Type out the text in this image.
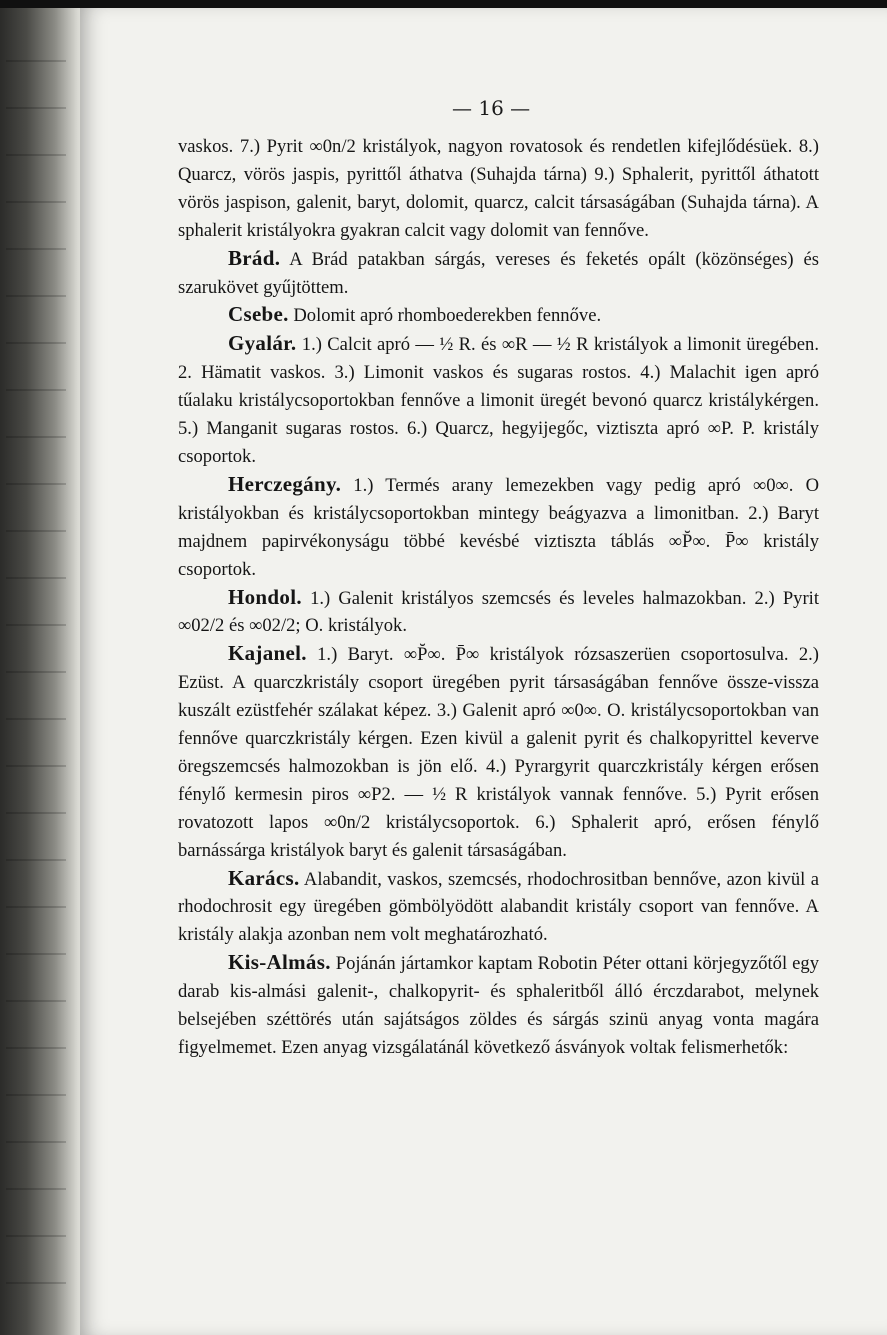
— 16 —

vaskos. 7.) Pyrit ∞0n/2 kristályok, nagyon rovatosok és rendetlen kifejlődésüek. 8.) Quarcz, vörös jaspis, pyrittől áthatva (Suhajda tárna) 9.) Sphalerit, pyrittől áthatott vörös jaspison, galenit, baryt, dolomit, quarcz, calcit társaságában (Suhajda tárna). A sphalerit kristályokra gyakran calcit vagy dolomit van fennőve.

Brád. A Brád patakban sárgás, vereses és feketés opált (közönséges) és szarukövet gyűjtöttem.

Csebe. Dolomit apró rhomboederekben fennőve.

Gyalár. 1.) Calcit apró — ½ R. és ∞R — ½ R kristályok a limonit üregében. 2. Hämatit vaskos. 3.) Limonit vaskos és sugaras rostos. 4.) Malachit igen apró tűalaku kristálycsoportokban fennőve a limonit üregét bevonó quarcz kristálykérgen. 5.) Manganit sugaras rostos. 6.) Quarcz, hegyijegőc, viztiszta apró ∞P. P. kristály csoportok.

Herczegány. 1.) Termés arany lemezekben vagy pedig apró ∞0∞. O kristályokban és kristálycsoportokban mintegy beágyazva a limonitban. 2.) Baryt majdnem papirvékonyságu többé kevésbé viztiszta táblás ∞P̆∞. P̄∞ kristály csoportok.

Hondol. 1.) Galenit kristályos szemcsés és leveles halmazokban. 2.) Pyrit ∞02/2 és ∞02/2; O. kristályok.

Kajanel. 1.) Baryt. ∞P̆∞. P̄∞ kristályok rózsaszerüen csoportosulva. 2.) Ezüst. A quarczkristály csoport üregében pyrit társaságában fennőve össze-vissza kuszált ezüstfehér szálakat képez. 3.) Galenit apró ∞0∞. O. kristálycsoportokban van fennőve quarczkristály kérgen. Ezen kivül a galenit pyrit és chalkopyrittel keverve öregszemcsés halmozokban is jön elő. 4.) Pyrargyrit quarczkristály kérgen erősen fénylő kermesin piros ∞P2. — ½ R kristályok vannak fennőve. 5.) Pyrit erősen rovatozott lapos ∞0n/2 kristálycsoportok. 6.) Sphalerit apró, erősen fénylő barnássárga kristályok baryt és galenit társaságában.

Karács. Alabandit, vaskos, szemcsés, rhodochrositban bennőve, azon kivül a rhodochrosit egy üregében gömbölyödött alabandit kristály csoport van fennőve. A kristály alakja azonban nem volt meghatározható.

Kis-Almás. Pojánán jártamkor kaptam Robotin Péter ottani körjegyzőtől egy darab kis-almási galenit-, chalkopyrit- és sphaleritből álló érczdarabot, melynek belsejében széttörés után sajátságos zöldes és sárgás szinü anyag vonta magára figyelmemet. Ezen anyag vizsgálatánál következő ásványok voltak felismerhetők:
